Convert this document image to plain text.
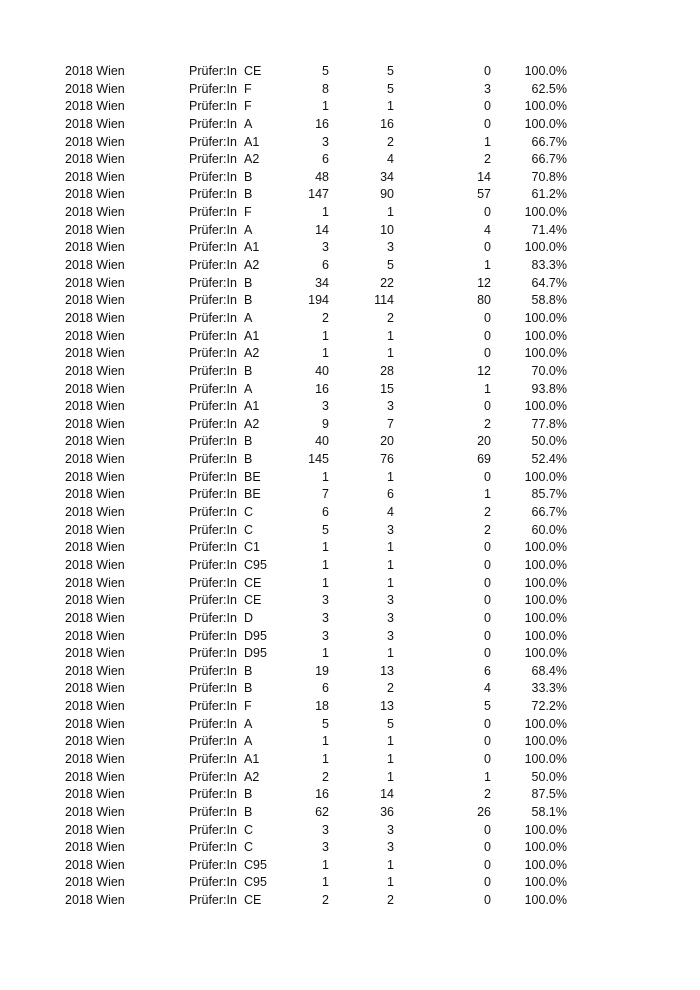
2018 Wien	Prüfer:In CE	5	5	0	100.0%
2018 Wien	Prüfer:In F	8	5	3	62.5%
2018 Wien	Prüfer:In F	1	1	0	100.0%
2018 Wien	Prüfer:In A	16	16	0	100.0%
2018 Wien	Prüfer:In A1	3	2	1	66.7%
2018 Wien	Prüfer:In A2	6	4	2	66.7%
2018 Wien	Prüfer:In B	48	34	14	70.8%
2018 Wien	Prüfer:In B	147	90	57	61.2%
2018 Wien	Prüfer:In F	1	1	0	100.0%
2018 Wien	Prüfer:In A	14	10	4	71.4%
2018 Wien	Prüfer:In A1	3	3	0	100.0%
2018 Wien	Prüfer:In A2	6	5	1	83.3%
2018 Wien	Prüfer:In B	34	22	12	64.7%
2018 Wien	Prüfer:In B	194	114	80	58.8%
2018 Wien	Prüfer:In A	2	2	0	100.0%
2018 Wien	Prüfer:In A1	1	1	0	100.0%
2018 Wien	Prüfer:In A2	1	1	0	100.0%
2018 Wien	Prüfer:In B	40	28	12	70.0%
2018 Wien	Prüfer:In A	16	15	1	93.8%
2018 Wien	Prüfer:In A1	3	3	0	100.0%
2018 Wien	Prüfer:In A2	9	7	2	77.8%
2018 Wien	Prüfer:In B	40	20	20	50.0%
2018 Wien	Prüfer:In B	145	76	69	52.4%
2018 Wien	Prüfer:In BE	1	1	0	100.0%
2018 Wien	Prüfer:In BE	7	6	1	85.7%
2018 Wien	Prüfer:In C	6	4	2	66.7%
2018 Wien	Prüfer:In C	5	3	2	60.0%
2018 Wien	Prüfer:In C1	1	1	0	100.0%
2018 Wien	Prüfer:In C95	1	1	0	100.0%
2018 Wien	Prüfer:In CE	1	1	0	100.0%
2018 Wien	Prüfer:In CE	3	3	0	100.0%
2018 Wien	Prüfer:In D	3	3	0	100.0%
2018 Wien	Prüfer:In D95	3	3	0	100.0%
2018 Wien	Prüfer:In D95	1	1	0	100.0%
2018 Wien	Prüfer:In B	19	13	6	68.4%
2018 Wien	Prüfer:In B	6	2	4	33.3%
2018 Wien	Prüfer:In F	18	13	5	72.2%
2018 Wien	Prüfer:In A	5	5	0	100.0%
2018 Wien	Prüfer:In A	1	1	0	100.0%
2018 Wien	Prüfer:In A1	1	1	0	100.0%
2018 Wien	Prüfer:In A2	2	1	1	50.0%
2018 Wien	Prüfer:In B	16	14	2	87.5%
2018 Wien	Prüfer:In B	62	36	26	58.1%
2018 Wien	Prüfer:In C	3	3	0	100.0%
2018 Wien	Prüfer:In C	3	3	0	100.0%
2018 Wien	Prüfer:In C95	1	1	0	100.0%
2018 Wien	Prüfer:In C95	1	1	0	100.0%
2018 Wien	Prüfer:In CE	2	2	0	100.0%
